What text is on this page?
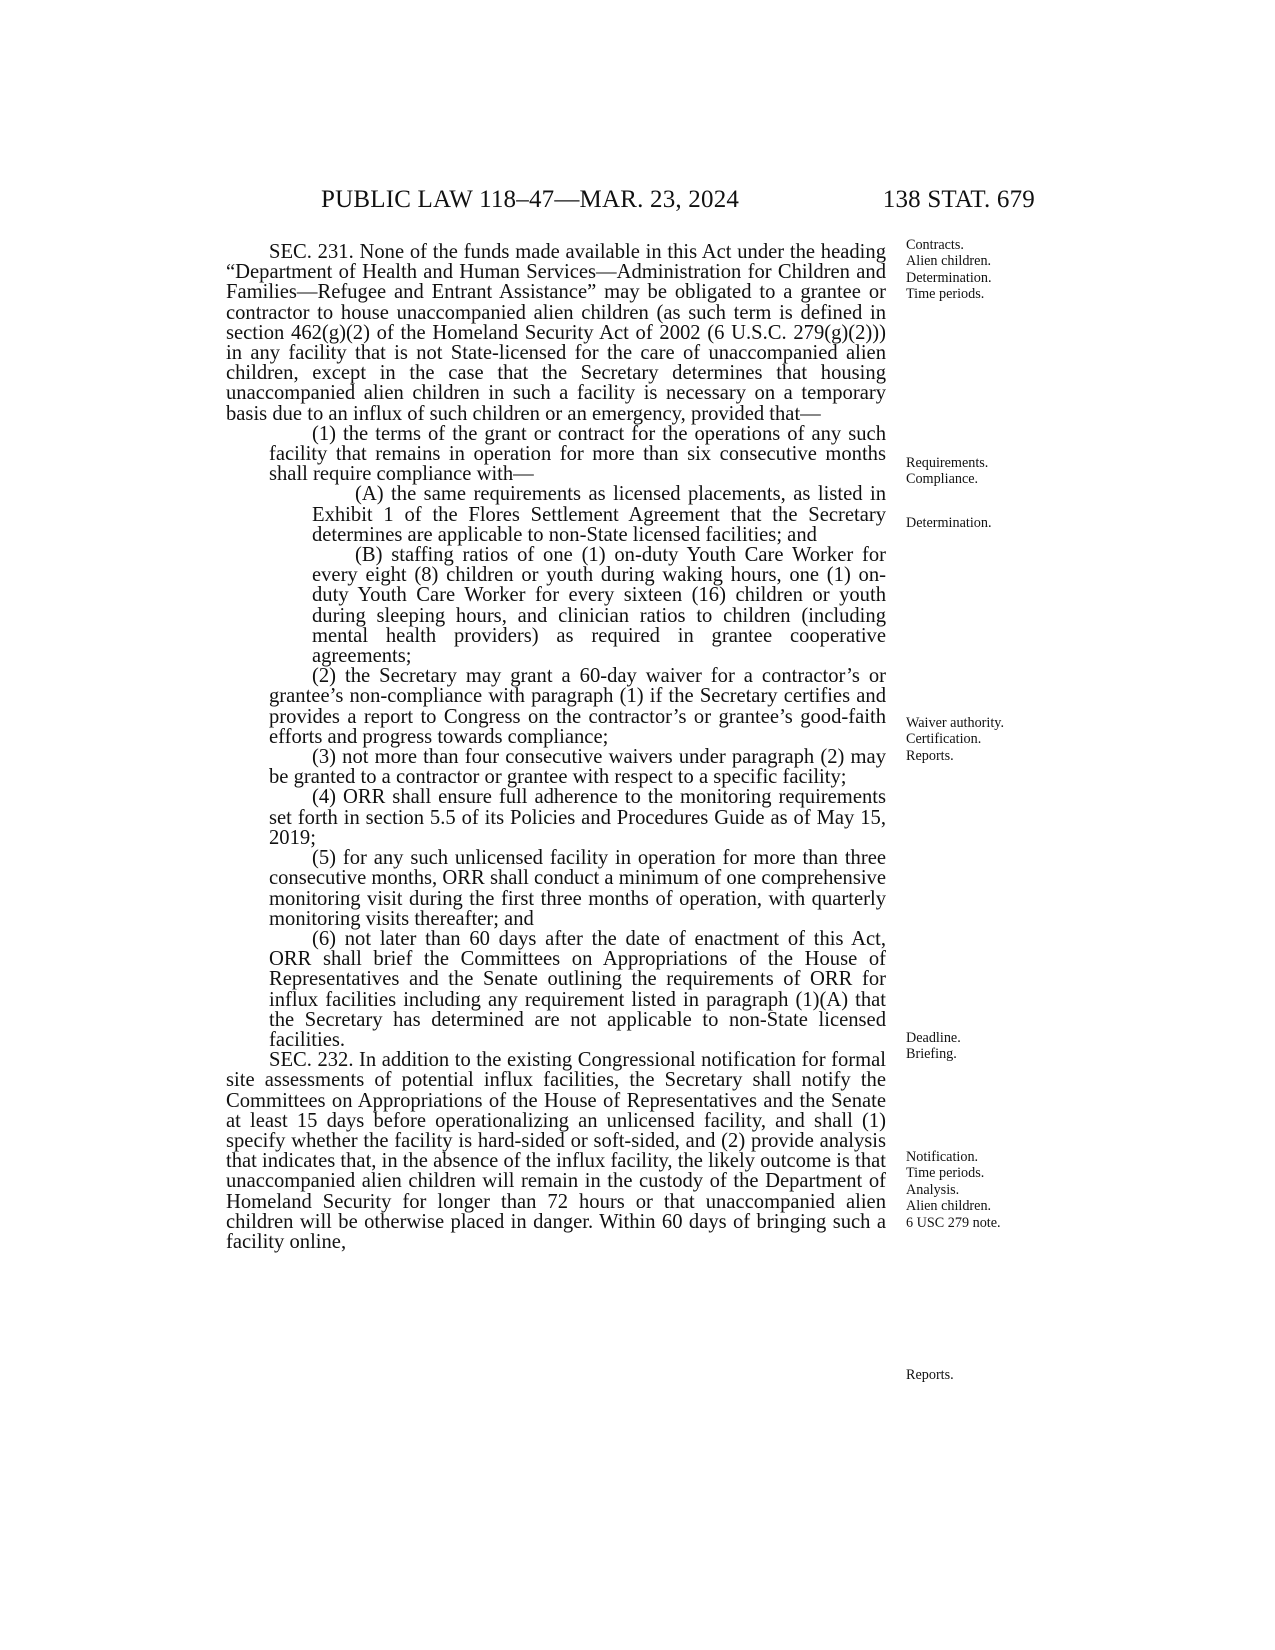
PUBLIC LAW 118–47—MAR. 23, 2024	138 STAT. 679

SEC. 231. None of the funds made available in this Act under the heading “Department of Health and Human Services—Administration for Children and Families—Refugee and Entrant Assistance” may be obligated to a grantee or contractor to house unaccompanied alien children (as such term is defined in section 462(g)(2) of the Homeland Security Act of 2002 (6 U.S.C. 279(g)(2))) in any facility that is not State-licensed for the care of unaccompanied alien children, except in the case that the Secretary determines that housing unaccompanied alien children in such a facility is necessary on a temporary basis due to an influx of such children or an emergency, provided that—

(1) the terms of the grant or contract for the operations of any such facility that remains in operation for more than six consecutive months shall require compliance with—

(A) the same requirements as licensed placements, as listed in Exhibit 1 of the Flores Settlement Agreement that the Secretary determines are applicable to non-State licensed facilities; and

(B) staffing ratios of one (1) on-duty Youth Care Worker for every eight (8) children or youth during waking hours, one (1) on-duty Youth Care Worker for every sixteen (16) children or youth during sleeping hours, and clinician ratios to children (including mental health providers) as required in grantee cooperative agreements;

(2) the Secretary may grant a 60-day waiver for a contractor’s or grantee’s non-compliance with paragraph (1) if the Secretary certifies and provides a report to Congress on the contractor’s or grantee’s good-faith efforts and progress towards compliance;

(3) not more than four consecutive waivers under paragraph (2) may be granted to a contractor or grantee with respect to a specific facility;

(4) ORR shall ensure full adherence to the monitoring requirements set forth in section 5.5 of its Policies and Procedures Guide as of May 15, 2019;

(5) for any such unlicensed facility in operation for more than three consecutive months, ORR shall conduct a minimum of one comprehensive monitoring visit during the first three months of operation, with quarterly monitoring visits thereafter; and

(6) not later than 60 days after the date of enactment of this Act, ORR shall brief the Committees on Appropriations of the House of Representatives and the Senate outlining the requirements of ORR for influx facilities including any requirement listed in paragraph (1)(A) that the Secretary has determined are not applicable to non-State licensed facilities.

SEC. 232. In addition to the existing Congressional notification for formal site assessments of potential influx facilities, the Secretary shall notify the Committees on Appropriations of the House of Representatives and the Senate at least 15 days before operationalizing an unlicensed facility, and shall (1) specify whether the facility is hard-sided or soft-sided, and (2) provide analysis that indicates that, in the absence of the influx facility, the likely outcome is that unaccompanied alien children will remain in the custody of the Department of Homeland Security for longer than 72 hours or that unaccompanied alien children will be otherwise placed in danger. Within 60 days of bringing such a facility online,

Contracts.
Alien children.
Determination.
Time periods.
Requirements.
Compliance.
Determination.
Waiver authority.
Certification.
Reports.
Deadline.
Briefing.
Notification.
Time periods.
Analysis.
Alien children.
6 USC 279 note.
Reports.
